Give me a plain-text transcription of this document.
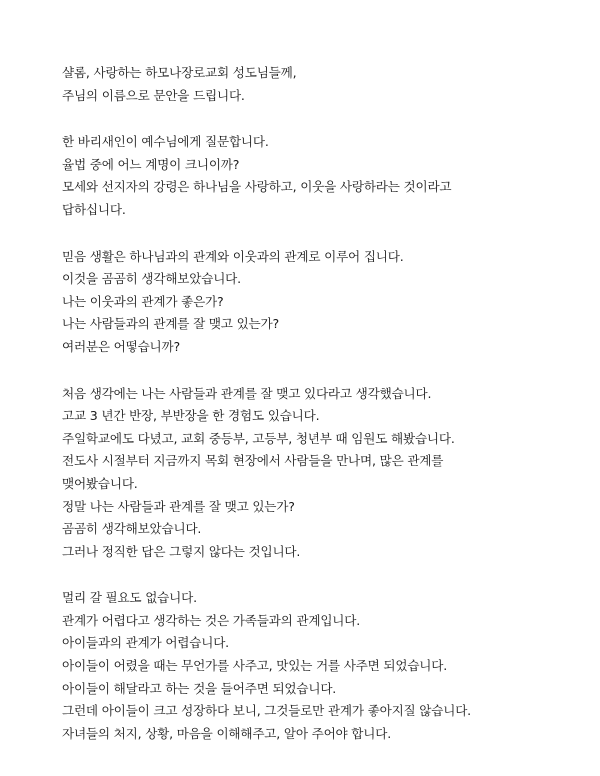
샬롬, 사랑하는 하모나장로교회 성도님들께,
주님의 이름으로 문안을 드립니다.
한 바리새인이 예수님에게 질문합니다.
율법 중에 어느 계명이 크니이까?
모세와 선지자의 강령은 하나님을 사랑하고, 이웃을 사랑하라는 것이라고
답하십니다.
믿음 생활은 하나님과의 관계와 이웃과의 관계로 이루어 집니다.
이것을 곰곰히 생각해보았습니다.
나는 이웃과의 관계가 좋은가?
나는 사람들과의 관계를 잘 맺고 있는가?
여러분은 어떻습니까?
처음 생각에는 나는 사람들과 관계를 잘 맺고 있다라고 생각했습니다.
고교 3 년간 반장, 부반장을 한 경험도 있습니다.
주일학교에도 다녔고, 교회 중등부, 고등부, 청년부 때 임원도 해봤습니다.
전도사 시절부터 지금까지 목회 현장에서 사람들을 만나며, 많은 관계를
맺어봤습니다.
정말 나는 사람들과 관계를 잘 맺고 있는가?
곰곰히 생각해보았습니다.
그러나 정직한 답은 그렇지 않다는 것입니다.
멀리 갈 필요도 없습니다.
관계가 어렵다고 생각하는 것은 가족들과의 관계입니다.
아이들과의 관계가 어렵습니다.
아이들이 어렸을 때는 무언가를 사주고, 맛있는 거를 사주면 되었습니다.
아이들이 해달라고 하는 것을 들어주면 되었습니다.
그런데 아이들이 크고 성장하다 보니, 그것들로만 관계가 좋아지질 않습니다.
자녀들의 처지, 상황, 마음을 이해해주고, 알아 주어야 합니다.
